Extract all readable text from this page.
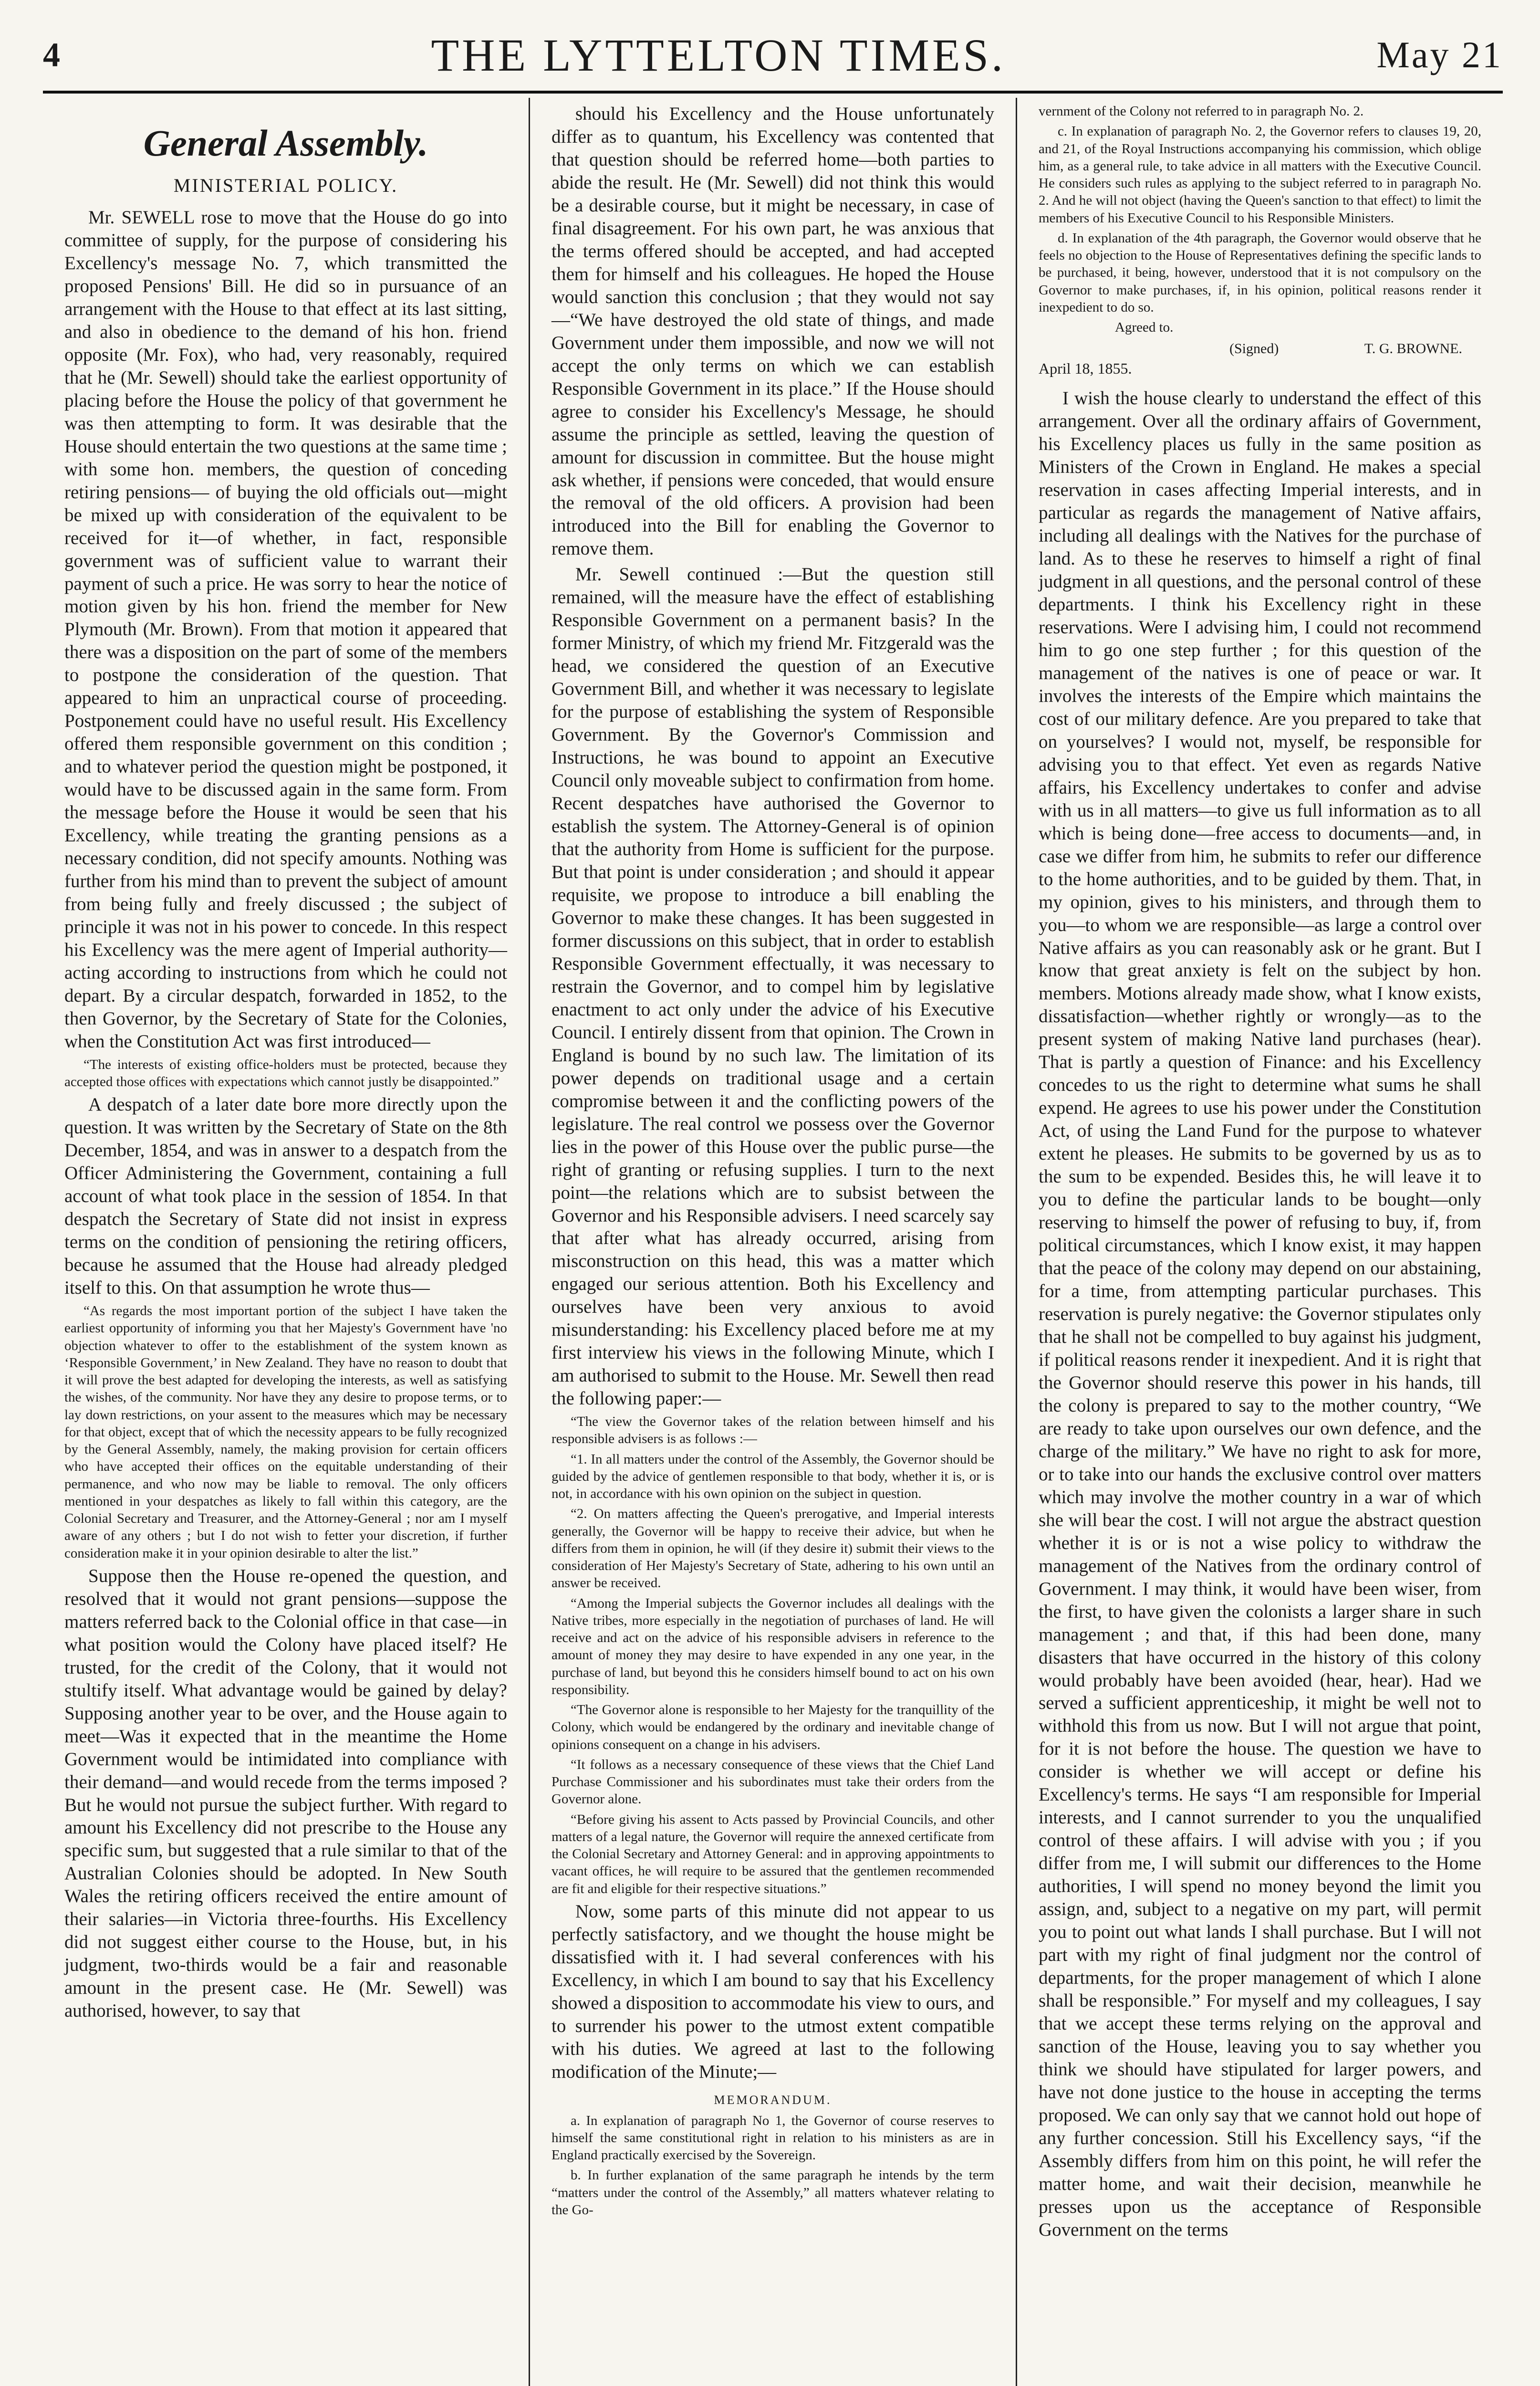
4	THE LYTTELTON TIMES.	May 21
General Assembly.
MINISTERIAL POLICY.

Mr. SEWELL rose to move that the House do go into committee of supply, for the purpose of considering his Excellency's message No. 7, which transmitted the proposed Pensions' Bill. He did so in pursuance of an arrangement with the House to that effect at its last sitting, and also in obedience to the demand of his hon. friend opposite (Mr. Fox), who had, very reasonably, required that he (Mr. Sewell) should take the earliest opportunity of placing before the House the policy of that government he was then attempting to form. It was desirable that the House should entertain the two questions at the same time ; with some hon. members, the question of conceding retiring pensions— of buying the old officials out—might be mixed up with consideration of the equivalent to be received for it—of whether, in fact, responsible government was of sufficient value to warrant their payment of such a price. He was sorry to hear the notice of motion given by his hon. friend the member for New Plymouth (Mr. Brown). From that motion it appeared that there was a disposition on the part of some of the members to postpone the consideration of the question. That appeared to him an unpractical course of proceeding. Postponement could have no useful result. His Excellency offered them responsible government on this condition ; and to whatever period the question might be postponed, it would have to be discussed again in the same form. From the message before the House it would be seen that his Excellency, while treating the granting pensions as a necessary condition, did not specify amounts. Nothing was further from his mind than to prevent the subject of amount from being fully and freely discussed ; the subject of principle it was not in his power to concede. In this respect his Excellency was the mere agent of Imperial authority—acting according to instructions from which he could not depart. By a circular despatch, forwarded in 1852, to the then Governor, by the Secretary of State for the Colonies, when the Constitution Act was first introduced—

“The interests of existing office-holders must be protected, because they accepted those offices with expectations which cannot justly be disappointed.”

A despatch of a later date bore more directly upon the question. It was written by the Secretary of State on the 8th December, 1854, and was in answer to a despatch from the Officer Administering the Government, containing a full account of what took place in the session of 1854. In that despatch the Secretary of State did not insist in express terms on the condition of pensioning the retiring officers, because he assumed that the House had already pledged itself to this. On that assumption he wrote thus—

“As regards the most important portion of the subject I have taken the earliest opportunity of informing you that her Majesty's Government have 'no objection whatever to offer to the establishment of the system known as ‘Responsible Government,’ in New Zealand. They have no reason to doubt that it will prove the best adapted for developing the interests, as well as satisfying the wishes, of the community. Nor have they any desire to propose terms, or to lay down restrictions, on your assent to the measures which may be necessary for that object, except that of which the necessity appears to be fully recognized by the General Assembly, namely, the making provision for certain officers who have accepted their offices on the equitable understanding of their permanence, and who now may be liable to removal. The only officers mentioned in your despatches as likely to fall within this category, are the Colonial Secretary and Treasurer, and the Attorney-General ; nor am I myself aware of any others ; but I do not wish to fetter your discretion, if further consideration make it in your opinion desirable to alter the list.”

Suppose then the House re-opened the question, and resolved that it would not grant pensions—suppose the matters referred back to the Colonial office in that case—in what position would the Colony have placed itself? He trusted, for the credit of the Colony, that it would not stultify itself. What advantage would be gained by delay? Supposing another year to be over, and the House again to meet—Was it expected that in the meantime the Home Government would be intimidated into compliance with their demand—and would recede from the terms imposed ? But he would not pursue the subject further. With regard to amount his Excellency did not prescribe to the House any specific sum, but suggested that a rule similar to that of the Australian Colonies should be adopted. In New South Wales the retiring officers received the entire amount of their salaries—in Victoria three-fourths. His Excellency did not suggest either course to the House, but, in his judgment, two-thirds would be a fair and reasonable amount in the present case. He (Mr. Sewell) was authorised, however, to say that

should his Excellency and the House unfortunately differ as to quantum, his Excellency was contented that that question should be referred home—both parties to abide the result. He (Mr. Sewell) did not think this would be a desirable course, but it might be necessary, in case of final disagreement. For his own part, he was anxious that the terms offered should be accepted, and had accepted them for himself and his colleagues. He hoped the House would sanction this conclusion ; that they would not say—“We have destroyed the old state of things, and made Government under them impossible, and now we will not accept the only terms on which we can establish Responsible Government in its place.” If the House should agree to consider his Excellency's Message, he should assume the principle as settled, leaving the question of amount for discussion in committee. But the house might ask whether, if pensions were conceded, that would ensure the removal of the old officers. A provision had been introduced into the Bill for enabling the Governor to remove them.

Mr. Sewell continued :—But the question still remained, will the measure have the effect of establishing Responsible Government on a permanent basis? In the former Ministry, of which my friend Mr. Fitzgerald was the head, we considered the question of an Executive Government Bill, and whether it was necessary to legislate for the purpose of establishing the system of Responsible Government. By the Governor's Commission and Instructions, he was bound to appoint an Executive Council only moveable subject to confirmation from home. Recent despatches have authorised the Governor to establish the system. The Attorney-General is of opinion that the authority from Home is sufficient for the purpose. But that point is under consideration ; and should it appear requisite, we propose to introduce a bill enabling the Governor to make these changes. It has been suggested in former discussions on this subject, that in order to establish Responsible Government effectually, it was necessary to restrain the Governor, and to compel him by legislative enactment to act only under the advice of his Executive Council. I entirely dissent from that opinion. The Crown in England is bound by no such law. The limitation of its power depends on traditional usage and a certain compromise between it and the conflicting powers of the legislature. The real control we possess over the Governor lies in the power of this House over the public purse—the right of granting or refusing supplies. I turn to the next point—the relations which are to subsist between the Governor and his Responsible advisers. I need scarcely say that after what has already occurred, arising from misconstruction on this head, this was a matter which engaged our serious attention. Both his Excellency and ourselves have been very anxious to avoid misunderstanding: his Excellency placed before me at my first interview his views in the following Minute, which I am authorised to submit to the House. Mr. Sewell then read the following paper:—

“The view the Governor takes of the relation between himself and his responsible advisers is as follows :—
“1. In all matters under the control of the Assembly, the Governor should be guided by the advice of gentlemen responsible to that body, whether it is, or is not, in accordance with his own opinion on the subject in question.
“2. On matters affecting the Queen's prerogative, and Imperial interests generally, the Governor will be happy to receive their advice, but when he differs from them in opinion, he will (if they desire it) submit their views to the consideration of Her Majesty's Secretary of State, adhering to his own until an answer be received.
“Among the Imperial subjects the Governor includes all dealings with the Native tribes, more especially in the negotiation of purchases of land. He will receive and act on the advice of his responsible advisers in reference to the amount of money they may desire to have expended in any one year, in the purchase of land, but beyond this he considers himself bound to act on his own responsibility.
“The Governor alone is responsible to her Majesty for the tranquillity of the Colony, which would be endangered by the ordinary and inevitable change of opinions consequent on a change in his advisers.
“It follows as a necessary consequence of these views that the Chief Land Purchase Commissioner and his subordinates must take their orders from the Governor alone.
“Before giving his assent to Acts passed by Provincial Councils, and other matters of a legal nature, the Governor will require the annexed certificate from the Colonial Secretary and Attorney General: and in approving appointments to vacant offices, he will require to be assured that the gentlemen recommended are fit and eligible for their respective situations.”

Now, some parts of this minute did not appear to us perfectly satisfactory, and we thought the house might be dissatisfied with it. I had several conferences with his Excellency, in which I am bound to say that his Excellency showed a disposition to accommodate his view to ours, and to surrender his power to the utmost extent compatible with his duties. We agreed at last to the following modification of the Minute;—

MEMORANDUM.
a. In explanation of paragraph No 1, the Governor of course reserves to himself the same constitutional right in relation to his ministers as are in England practically exercised by the Sovereign.
b. In further explanation of the same paragraph he intends by the term “matters under the control of the Assembly,” all matters whatever relating to the Go-
vernment of the Colony not referred to in paragraph No. 2.
c. In explanation of paragraph No. 2, the Governor refers to clauses 19, 20, and 21, of the Royal Instructions accompanying his commission, which oblige him, as a general rule, to take advice in all matters with the Executive Council. He considers such rules as applying to the subject referred to in paragraph No. 2. And he will not object (having the Queen's sanction to that effect) to limit the members of his Executive Council to his Responsible Ministers.
d. In explanation of the 4th paragraph, the Governor would observe that he feels no objection to the House of Representatives defining the specific lands to be purchased, it being, however, understood that it is not compulsory on the Governor to make purchases, if, in his opinion, political reasons render it inexpedient to do so.
Agreed to.
(Signed)	T. G. BROWNE.
April 18, 1855.

I wish the house clearly to understand the effect of this arrangement. Over all the ordinary affairs of Government, his Excellency places us fully in the same position as Ministers of the Crown in England. He makes a special reservation in cases affecting Imperial interests, and in particular as regards the management of Native affairs, including all dealings with the Natives for the purchase of land. As to these he reserves to himself a right of final judgment in all questions, and the personal control of these departments. I think his Excellency right in these reservations. Were I advising him, I could not recommend him to go one step further ; for this question of the management of the natives is one of peace or war. It involves the interests of the Empire which maintains the cost of our military defence. Are you prepared to take that on yourselves? I would not, myself, be responsible for advising you to that effect. Yet even as regards Native affairs, his Excellency undertakes to confer and advise with us in all matters—to give us full information as to all which is being done—free access to documents—and, in case we differ from him, he submits to refer our difference to the home authorities, and to be guided by them. That, in my opinion, gives to his ministers, and through them to you—to whom we are responsible—as large a control over Native affairs as you can reasonably ask or he grant. But I know that great anxiety is felt on the subject by hon. members. Motions already made show, what I know exists, dissatisfaction—whether rightly or wrongly—as to the present system of making Native land purchases (hear). That is partly a question of Finance: and his Excellency concedes to us the right to determine what sums he shall expend. He agrees to use his power under the Constitution Act, of using the Land Fund for the purpose to whatever extent he pleases. He submits to be governed by us as to the sum to be expended. Besides this, he will leave it to you to define the particular lands to be bought—only reserving to himself the power of refusing to buy, if, from political circumstances, which I know exist, it may happen that the peace of the colony may depend on our abstaining, for a time, from attempting particular purchases. This reservation is purely negative: the Governor stipulates only that he shall not be compelled to buy against his judgment, if political reasons render it inexpedient. And it is right that the Governor should reserve this power in his hands, till the colony is prepared to say to the mother country, “We are ready to take upon ourselves our own defence, and the charge of the military.” We have no right to ask for more, or to take into our hands the exclusive control over matters which may involve the mother country in a war of which she will bear the cost. I will not argue the abstract question whether it is or is not a wise policy to withdraw the management of the Natives from the ordinary control of Government. I may think, it would have been wiser, from the first, to have given the colonists a larger share in such management ; and that, if this had been done, many disasters that have occurred in the history of this colony would probably have been avoided (hear, hear). Had we served a sufficient apprenticeship, it might be well not to withhold this from us now. But I will not argue that point, for it is not before the house. The question we have to consider is whether we will accept or define his Excellency's terms. He says “I am responsible for Imperial interests, and I cannot surrender to you the unqualified control of these affairs. I will advise with you ; if you differ from me, I will submit our differences to the Home authorities, I will spend no money beyond the limit you assign, and, subject to a negative on my part, will permit you to point out what lands I shall purchase. But I will not part with my right of final judgment nor the control of departments, for the proper management of which I alone shall be responsible.” For myself and my colleagues, I say that we accept these terms relying on the approval and sanction of the House, leaving you to say whether you think we should have stipulated for larger powers, and have not done justice to the house in accepting the terms proposed. We can only say that we cannot hold out hope of any further concession. Still his Excellency says, “if the Assembly differs from him on this point, he will refer the matter home, and wait their decision, meanwhile he presses upon us the acceptance of Responsible Government on the terms
